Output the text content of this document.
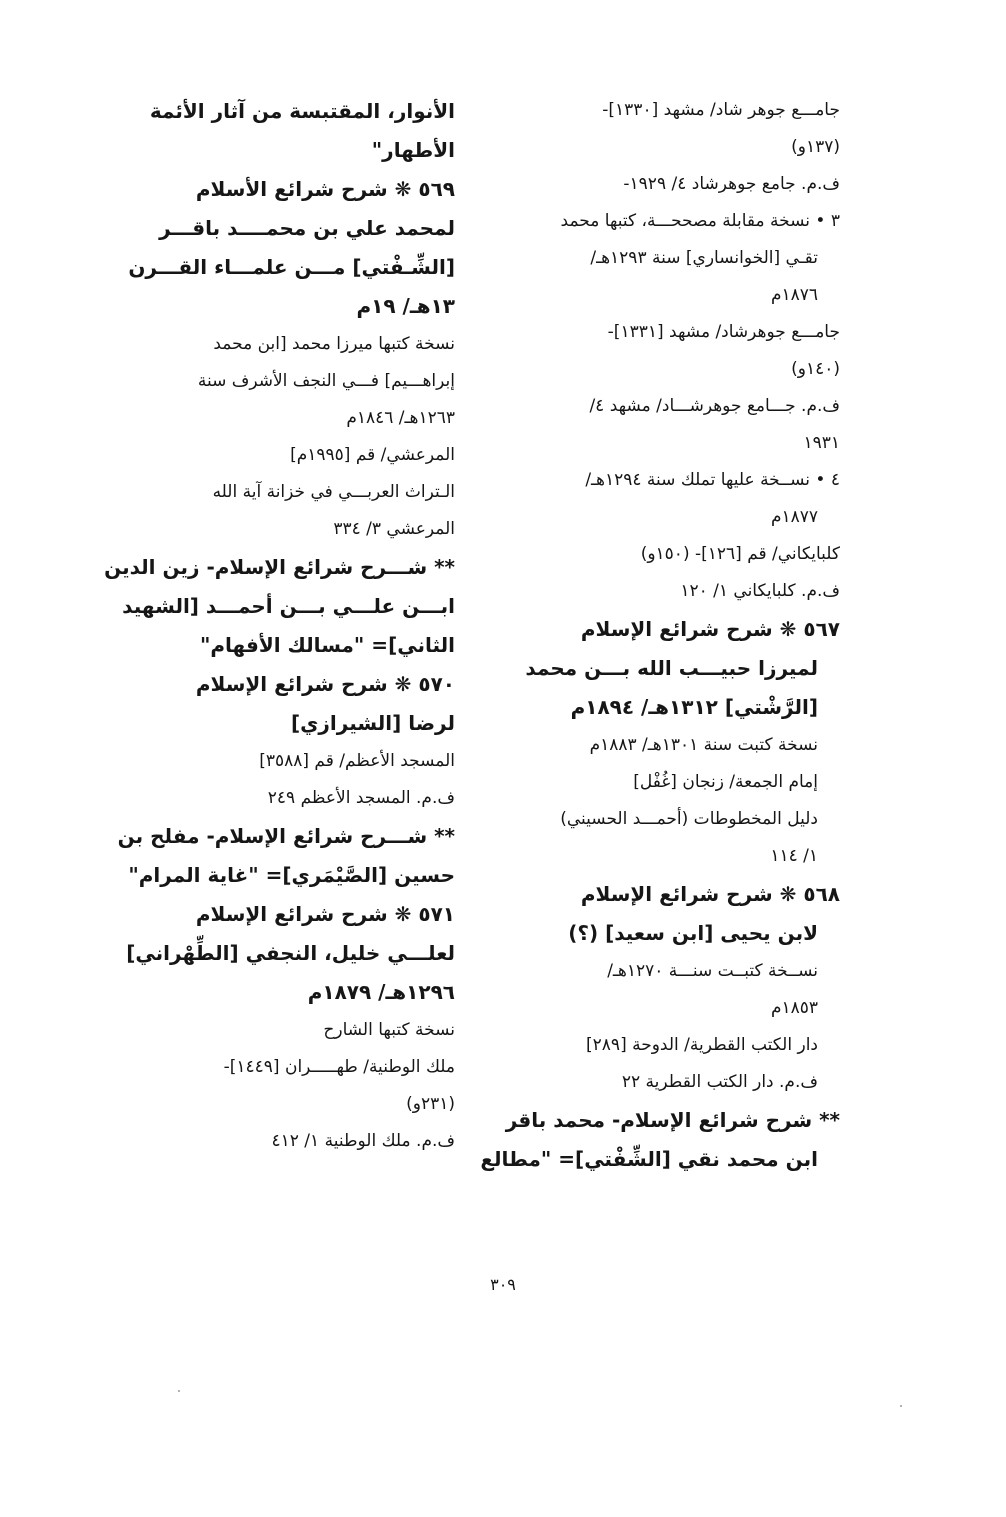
جامـــع جوهر شاد/ مشهد [١٣٣٠]-
(١٣٧و)
ف.م. جامع جوهرشاد ٤/ ١٩٢٩-
٣ • نسخة مقابلة مصححـــة، كتبها محمد
تقـي [الخوانساري] سنة ١٢٩٣هـ/
١٨٧٦م
جامـــع جوهرشاد/ مشهد [١٣٣١]-
(١٤٠و)
ف.م. جـــامع جوهرشـــاد/ مشهد ٤/
١٩٣١
٤ • نســخة عليها تملك سنة ١٢٩٤هـ/
١٨٧٧م
كلبايكاني/ قم [١٢٦]- (١٥٠و)
ف.م. كلبايكاني ١/ ١٢٠
٥٦٧ ❋ شرح شرائع الإسلام
لميرزا حبيـــب الله بـــن محمد
[الرَّشْتي] ١٣١٢هـ/ ١٨٩٤م
نسخة كتبت سنة ١٣٠١هـ/ ١٨٨٣م
إمام الجمعة/ زنجان [غُفْل]
دليل المخطوطات (أحمـــد الحسيني)
١/ ١١٤
٥٦٨ ❋ شرح شرائع الإسلام
لابن يحيى [ابن سعيد] (؟)
نســخة كتبــت سنـــة ١٢٧٠هـ/
١٨٥٣م
دار الكتب القطرية/ الدوحة [٢٨٩]
ف.م. دار الكتب القطرية ٢٢
** شرح شرائع الإسلام- محمد باقر
ابن محمد نقي [الشِّفْتي]= "مطالع
الأنوار، المقتبسة من آثار الأئمة
الأطهار"
٥٦٩ ❋ شرح شرائع الأسلام
لمحمد علي بن محمــــد باقـــر
[الشِّـفْتي] مـــن علمـــاء القـــرن
١٣هـ/ ١٩م
نسخة كتبها ميرزا محمد [ابن محمد
إبراهـــيم] فـــي النجف الأشرف سنة
١٢٦٣هـ/ ١٨٤٦م
المرعشي/ قم [١٩٩٥م]
الـتراث العربـــي في خزانة آية الله
المرعشي ٣/ ٣٣٤
** شـــرح شرائع الإسلام- زين الدين
ابـــن علـــي بـــن أحمـــد [الشهيد
الثاني]= "مسالك الأفهام"
٥٧٠ ❋ شرح شرائع الإسلام
لرضا [الشيرازي]
المسجد الأعظم/ قم [٣٥٨٨]
ف.م. المسجد الأعظم ٢٤٩
** شـــرح شرائع الإسلام- مفلح بن
حسين [الصَّيْمَري]= "غاية المرام"
٥٧١ ❋ شرح شرائع الإسلام
لعلـــي خليل، النجفي [الطِّهْراني]
١٢٩٦هـ/ ١٨٧٩م
نسخة كتبها الشارح
ملك الوطنية/ طهـــــران [١٤٤٩]-
(٢٣١و)
ف.م. ملك الوطنية ١/ ٤١٢
٣٠٩
